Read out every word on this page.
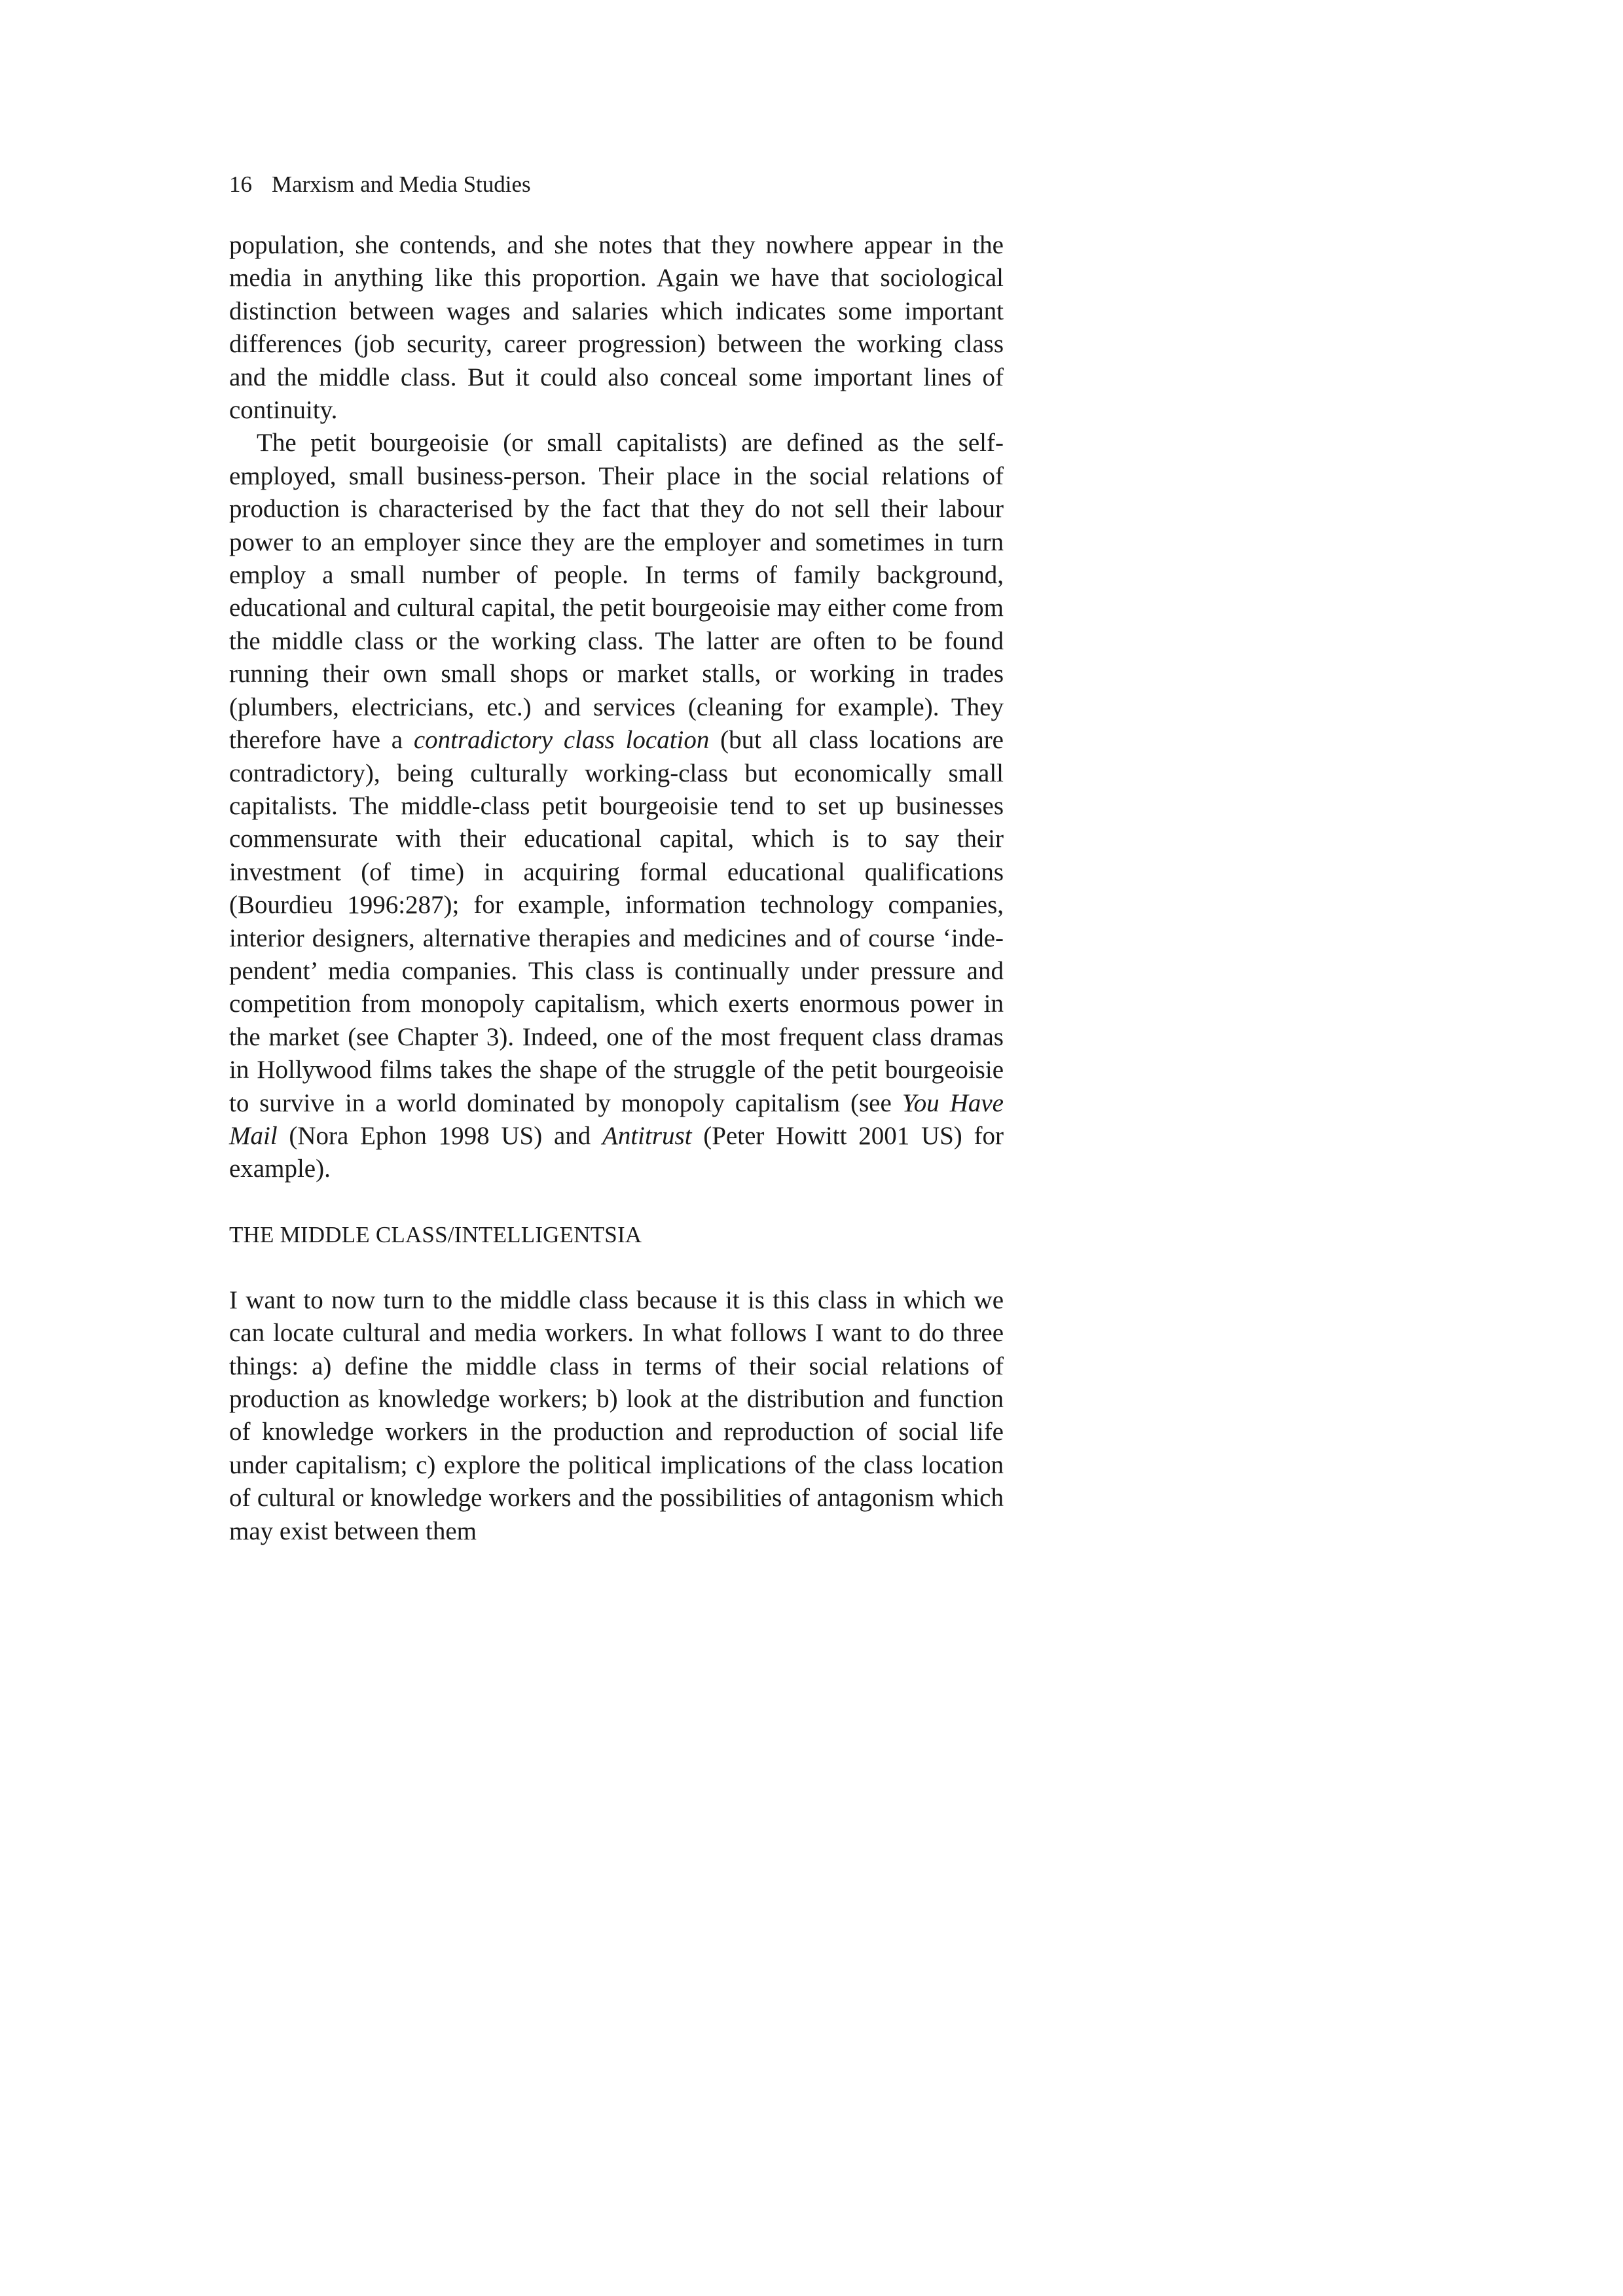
16 Marxism and Media Studies

population, she contends, and she notes that they nowhere appear in the media in anything like this proportion. Again we have that sociological distinction between wages and salaries which indicates some important differences (job security, career progression) between the working class and the middle class. But it could also conceal some important lines of continuity.

The petit bourgeoisie (or small capitalists) are defined as the self-employed, small business-person. Their place in the social relations of production is characterised by the fact that they do not sell their labour power to an employer since they are the employer and sometimes in turn employ a small number of people. In terms of family background, educational and cultural capital, the petit bourgeoisie may either come from the middle class or the working class. The latter are often to be found running their own small shops or market stalls, or working in trades (plumbers, electricians, etc.) and services (cleaning for example). They therefore have a contradictory class location (but all class locations are contradictory), being culturally working-class but economically small capitalists. The middle-class petit bourgeoisie tend to set up businesses commensurate with their educational capital, which is to say their investment (of time) in acquiring formal educational qualifications (Bourdieu 1996:287); for example, information technology companies, interior designers, alternative therapies and medicines and of course ‘independent’ media companies. This class is continually under pressure and competition from monopoly capitalism, which exerts enormous power in the market (see Chapter 3). Indeed, one of the most frequent class dramas in Hollywood films takes the shape of the struggle of the petit bourgeoisie to survive in a world dominated by monopoly capitalism (see You Have Mail (Nora Ephon 1998 US) and Antitrust (Peter Howitt 2001 US) for example).

THE MIDDLE CLASS/INTELLIGENTSIA

I want to now turn to the middle class because it is this class in which we can locate cultural and media workers. In what follows I want to do three things: a) define the middle class in terms of their social relations of production as knowledge workers; b) look at the distribution and function of knowledge workers in the production and reproduction of social life under capitalism; c) explore the political implications of the class location of cultural or knowledge workers and the possibilities of antagonism which may exist between them
